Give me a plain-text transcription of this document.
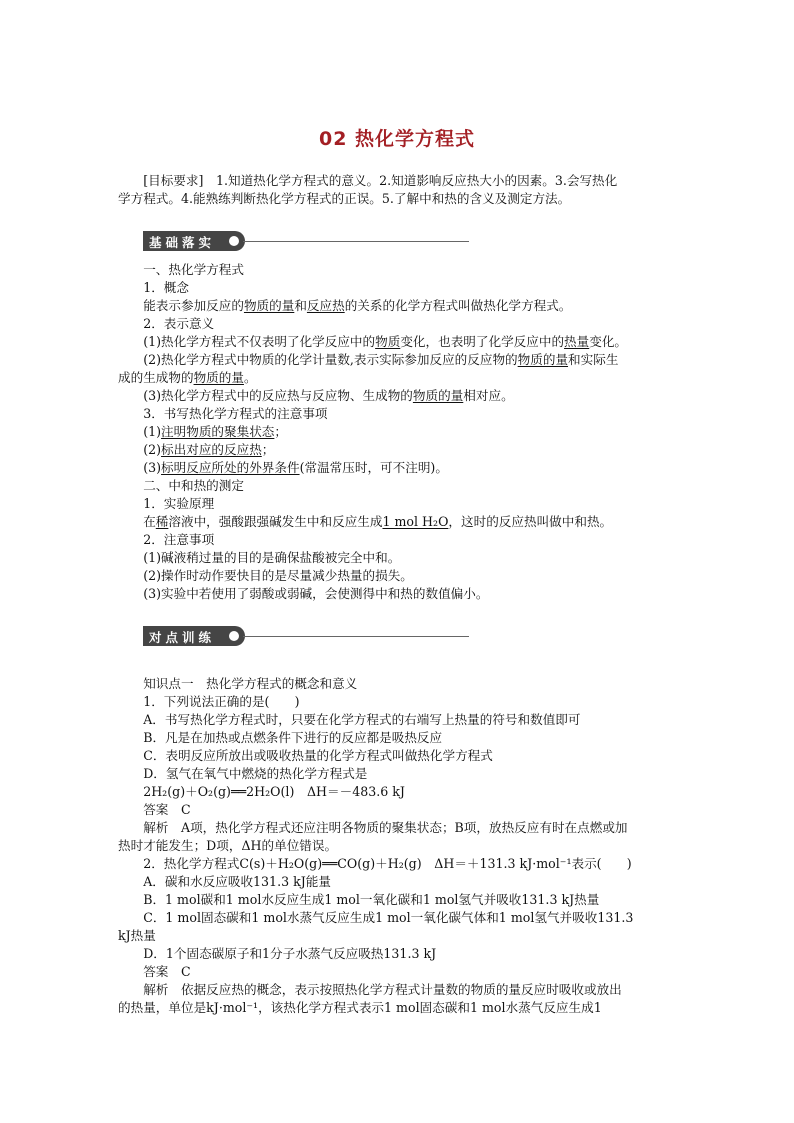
02 热化学方程式
　　[目标要求]　1.知道热化学方程式的意义。2.知道影响反应热大小的因素。3.会写热化
学方程式。4.能熟练判断热化学方程式的正误。5.了解中和热的含义及测定方法。
基础落实
　　一、热化学方程式
　　1．概念
　　能表示参加反应的物质的量和反应热的关系的化学方程式叫做热化学方程式。
　　2．表示意义
　　(1)热化学方程式不仅表明了化学反应中的物质变化，也表明了化学反应中的热量变化。
　　(2)热化学方程式中物质的化学计量数,表示实际参加反应的反应物的物质的量和实际生
成的生成物的物质的量。
　　(3)热化学方程式中的反应热与反应物、生成物的物质的量相对应。
　　3．书写热化学方程式的注意事项
　　(1)注明物质的聚集状态；
　　(2)标出对应的反应热；
　　(3)标明反应所处的外界条件(常温常压时，可不注明)。
　　二、中和热的测定
　　1．实验原理
　　在稀溶液中，强酸跟强碱发生中和反应生成1 mol H₂O，这时的反应热叫做中和热。
　　2．注意事项
　　(1)碱液稍过量的目的是确保盐酸被完全中和。
　　(2)操作时动作要快目的是尽量减少热量的损失。
　　(3)实验中若使用了弱酸或弱碱，会使测得中和热的数值偏小。
对点训练
　　知识点一　热化学方程式的概念和意义
　　1．下列说法正确的是(　　)
　　A．书写热化学方程式时，只要在化学方程式的右端写上热量的符号和数值即可
　　B．凡是在加热或点燃条件下进行的反应都是吸热反应
　　C．表明反应所放出或吸收热量的化学方程式叫做热化学方程式
　　D．氢气在氧气中燃烧的热化学方程式是
　　2H₂(g)＋O₂(g)══2H₂O(l)　ΔH＝－483.6 kJ
　　答案　C
　　解析　A项，热化学方程式还应注明各物质的聚集状态；B项，放热反应有时在点燃或加
热时才能发生；D项，ΔH的单位错误。
　　2．热化学方程式C(s)＋H₂O(g)══CO(g)＋H₂(g)　ΔH＝＋131.3 kJ·mol⁻¹表示(　　)
　　A．碳和水反应吸收131.3 kJ能量
　　B．1 mol碳和1 mol水反应生成1 mol一氧化碳和1 mol氢气并吸收131.3 kJ热量
　　C．1 mol固态碳和1 mol水蒸气反应生成1 mol一氧化碳气体和1 mol氢气并吸收131.3
kJ热量
　　D．1个固态碳原子和1分子水蒸气反应吸热131.3 kJ
　　答案　C
　　解析　依据反应热的概念，表示按照热化学方程式计量数的物质的量反应时吸收或放出
的热量，单位是kJ·mol⁻¹，该热化学方程式表示1 mol固态碳和1 mol水蒸气反应生成1
